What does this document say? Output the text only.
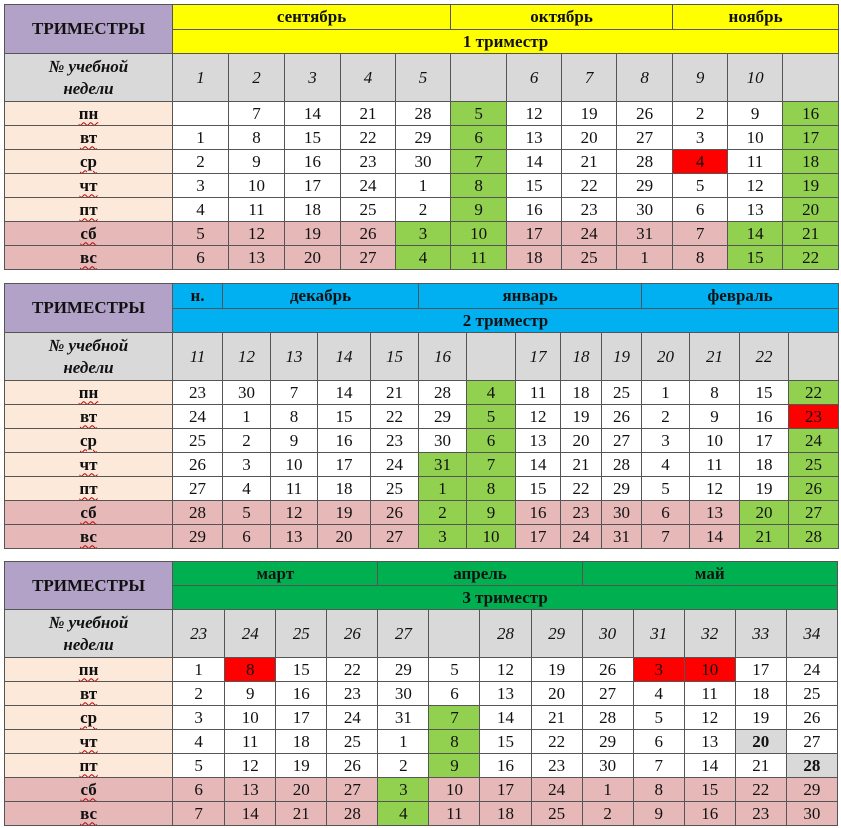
ТРИМЕСТРЫ	сентябрь					октябрь				ноябрь		
	1 триместр											
№ учебной
недели	1	2	3	4	5		6	7	8	9	10	
пн		7	14	21	28	5	12	19	26	2	9	16
вт	1	8	15	22	29	6	13	20	27	3	10	17
ср	2	9	16	23	30	7	14	21	28	4	11	18
чт	3	10	17	24	1	8	15	22	29	5	12	19
пт	4	11	18	25	2	9	16	23	30	6	13	20
сб	5	12	19	26	3	10	17	24	31	7	14	21
вс	6	13	20	27	4	11	18	25	1	8	15	22
ТРИМЕСТРЫ	н.	декабрь				январь					февраль			
	2 триместр													
№ учебной
недели	11	12	13	14	15	16		17	18	19	20	21	22	
пн	23	30	7	14	21	28	4	11	18	25	1	8	15	22
вт	24	1	8	15	22	29	5	12	19	26	2	9	16	23
ср	25	2	9	16	23	30	6	13	20	27	3	10	17	24
чт	26	3	10	17	24	31	7	14	21	28	4	11	18	25
пт	27	4	11	18	25	1	8	15	22	29	5	12	19	26
сб	28	5	12	19	26	2	9	16	23	30	6	13	20	27
вс	29	6	13	20	27	3	10	17	24	31	7	14	21	28
ТРИМЕСТРЫ	март				апрель				май				
	3 триместр												
№ учебной
недели	23	24	25	26	27		28	29	30	31	32	33	34
пн	1	8	15	22	29	5	12	19	26	3	10	17	24
вт	2	9	16	23	30	6	13	20	27	4	11	18	25
ср	3	10	17	24	31	7	14	21	28	5	12	19	26
чт	4	11	18	25	1	8	15	22	29	6	13	20	27
пт	5	12	19	26	2	9	16	23	30	7	14	21	28
сб	6	13	20	27	3	10	17	24	1	8	15	22	29
вс	7	14	21	28	4	11	18	25	2	9	16	23	30
